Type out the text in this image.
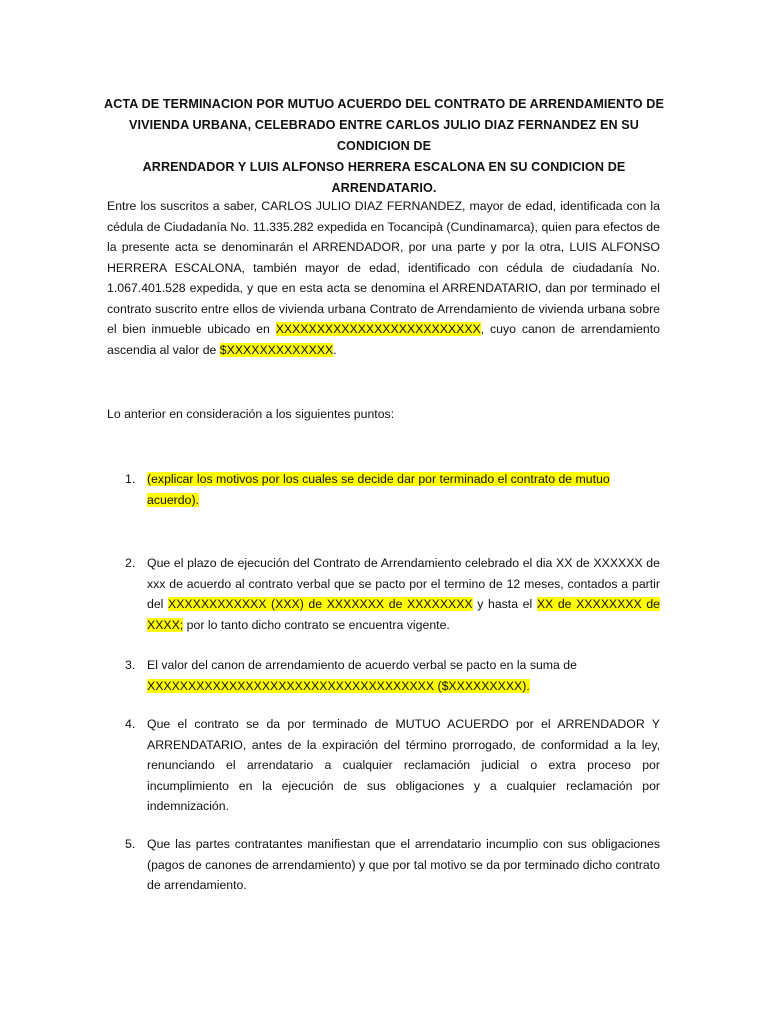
ACTA DE TERMINACION POR MUTUO ACUERDO DEL CONTRATO DE ARRENDAMIENTO DE
VIVIENDA URBANA, CELEBRADO ENTRE CARLOS JULIO DIAZ FERNANDEZ EN SU CONDICION DE
ARRENDADOR Y LUIS ALFONSO HERRERA ESCALONA EN SU CONDICION DE ARRENDATARIO.
Entre los suscritos a saber, CARLOS JULIO DIAZ FERNANDEZ, mayor de edad, identificada con la cédula de Ciudadanía No. 11.335.282 expedida en Tocancipà (Cundinamarca), quien para efectos de la presente acta se denominarán el ARRENDADOR, por una parte y por la otra, LUIS ALFONSO HERRERA ESCALONA, también mayor de edad, identificado con cédula de ciudadanía No. 1.067.401.528 expedida, y que en esta acta se denomina el ARRENDATARIO, dan por terminado el contrato suscrito entre ellos de vivienda urbana Contrato de Arrendamiento de vivienda urbana sobre el bien inmueble ubicado en XXXXXXXXXXXXXXXXXXXXXXXXX, cuyo canon de arrendamiento ascendia al valor de $XXXXXXXXXXXXX.
Lo anterior en consideración a los siguientes puntos:
1. (explicar los motivos por los cuales se decide dar por terminado el contrato de mutuo acuerdo).
2. Que el plazo de ejecución del Contrato de Arrendamiento celebrado el dia XX de XXXXXX de xxx de acuerdo al contrato verbal que se pacto por el termino de 12 meses, contados a partir del XXXXXXXXXXXX (XXX) de XXXXXXX de XXXXXXXX y hasta el XX de XXXXXXXX de XXXX; por lo tanto dicho contrato se encuentra vigente.
3. El valor del canon de arrendamiento de acuerdo verbal se pacto en la suma de XXXXXXXXXXXXXXXXXXXXXXXXXXXXXXXXXXX ($XXXXXXXXX).
4. Que el contrato se da por terminado de MUTUO ACUERDO por el ARRENDADOR Y ARRENDATARIO, antes de la expiración del término prorrogado, de conformidad a la ley, renunciando el arrendatario a cualquier reclamación judicial o extra proceso por incumplimiento en la ejecución de sus obligaciones y a cualquier reclamación por indemnización.
5. Que las partes contratantes manifiestan que el arrendatario incumplio con sus obligaciones (pagos de canones de arrendamiento) y que por tal motivo se da por terminado dicho contrato de arrendamiento.
